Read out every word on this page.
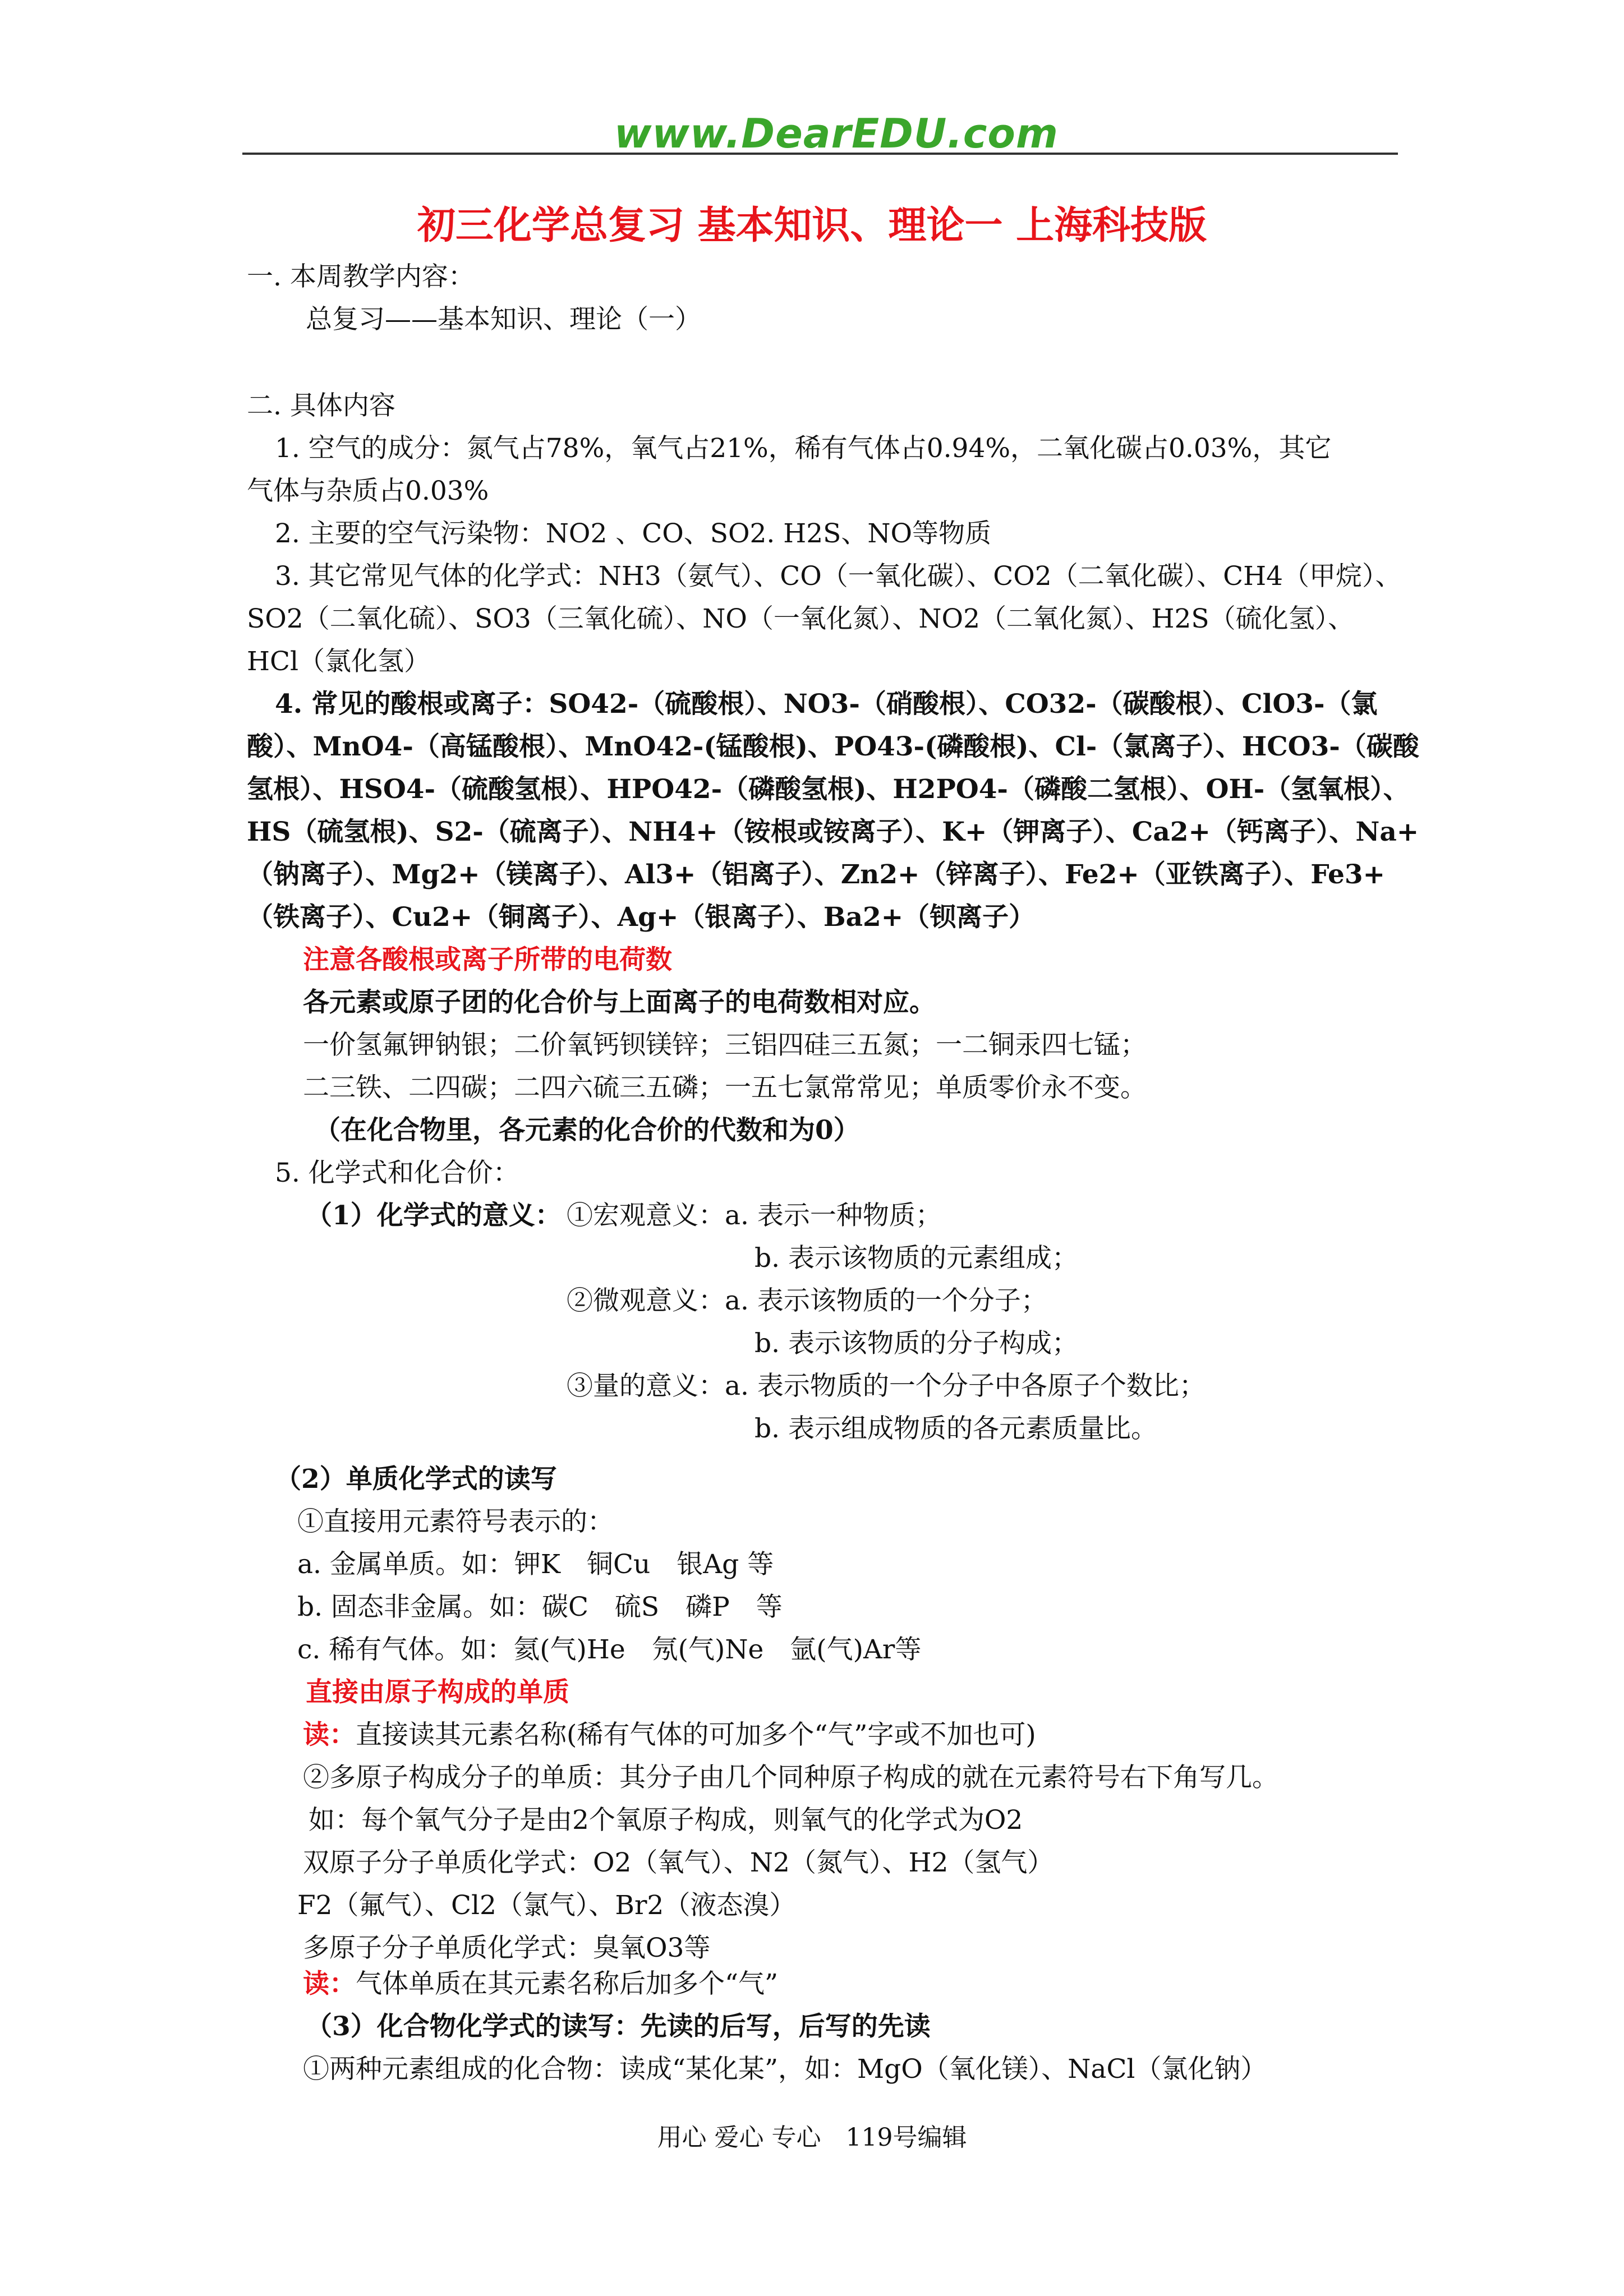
www.DearEDU.com
初三化学总复习 基本知识、理论一 上海科技版
一. 本周教学内容：
总复习——基本知识、理论（一）
二. 具体内容
1. 空气的成分：氮气占78%，氧气占21%，稀有气体占0.94%，二氧化碳占0.03%，其它
气体与杂质占0.03%
2. 主要的空气污染物：NO2 、CO、SO2. H2S、NO等物质
3. 其它常见气体的化学式：NH3（氨气）、CO（一氧化碳）、CO2（二氧化碳）、CH4（甲烷）、
SO2（二氧化硫）、SO3（三氧化硫）、NO（一氧化氮）、NO2（二氧化氮）、H2S（硫化氢）、
HCl（氯化氢）
4. 常见的酸根或离子：SO42-（硫酸根）、NO3-（硝酸根）、CO32-（碳酸根）、ClO3-（氯
酸）、MnO4-（高锰酸根）、MnO42-(锰酸根)、PO43-(磷酸根)、Cl-（氯离子）、HCO3-（碳酸
氢根）、HSO4-（硫酸氢根）、HPO42-（磷酸氢根)、H2PO4-（磷酸二氢根）、OH-（氢氧根）、
HS（硫氢根)、S2-（硫离子）、NH4+（铵根或铵离子）、K+（钾离子）、Ca2+（钙离子）、Na+
（钠离子）、Mg2+（镁离子）、Al3+（铝离子）、Zn2+（锌离子）、Fe2+（亚铁离子）、Fe3+
（铁离子）、Cu2+（铜离子）、Ag+（银离子）、Ba2+（钡离子）
注意各酸根或离子所带的电荷数
各元素或原子团的化合价与上面离子的电荷数相对应。
一价氢氟钾钠银；二价氧钙钡镁锌；三铝四硅三五氮；一二铜汞四七锰；
二三铁、二四碳；二四六硫三五磷；一五七氯常常见；单质零价永不变。
（在化合物里，各元素的化合价的代数和为0）
5. 化学式和化合价：
（1）化学式的意义： ①宏观意义：a. 表示一种物质；
b. 表示该物质的元素组成；
②微观意义：a. 表示该物质的一个分子；
b. 表示该物质的分子构成；
③量的意义：a. 表示物质的一个分子中各原子个数比；
b. 表示组成物质的各元素质量比。
（2）单质化学式的读写
①直接用元素符号表示的：
a. 金属单质。如：钾K　铜Cu　银Ag 等
b. 固态非金属。如：碳C　硫S　磷P　等
c. 稀有气体。如：氦(气)He　氖(气)Ne　氩(气)Ar等
直接由原子构成的单质
读：直接读其元素名称(稀有气体的可加多个“气”字或不加也可)
②多原子构成分子的单质：其分子由几个同种原子构成的就在元素符号右下角写几。
如：每个氧气分子是由2个氧原子构成，则氧气的化学式为O2
双原子分子单质化学式：O2（氧气）、N2（氮气）、H2（氢气）
F2（氟气）、Cl2（氯气）、Br2（液态溴）
多原子分子单质化学式：臭氧O3等
读：气体单质在其元素名称后加多个“气”
（3）化合物化学式的读写：先读的后写，后写的先读
①两种元素组成的化合物：读成“某化某”，如：MgO（氧化镁）、NaCl（氯化钠）
用心 爱心 专心　119号编辑
